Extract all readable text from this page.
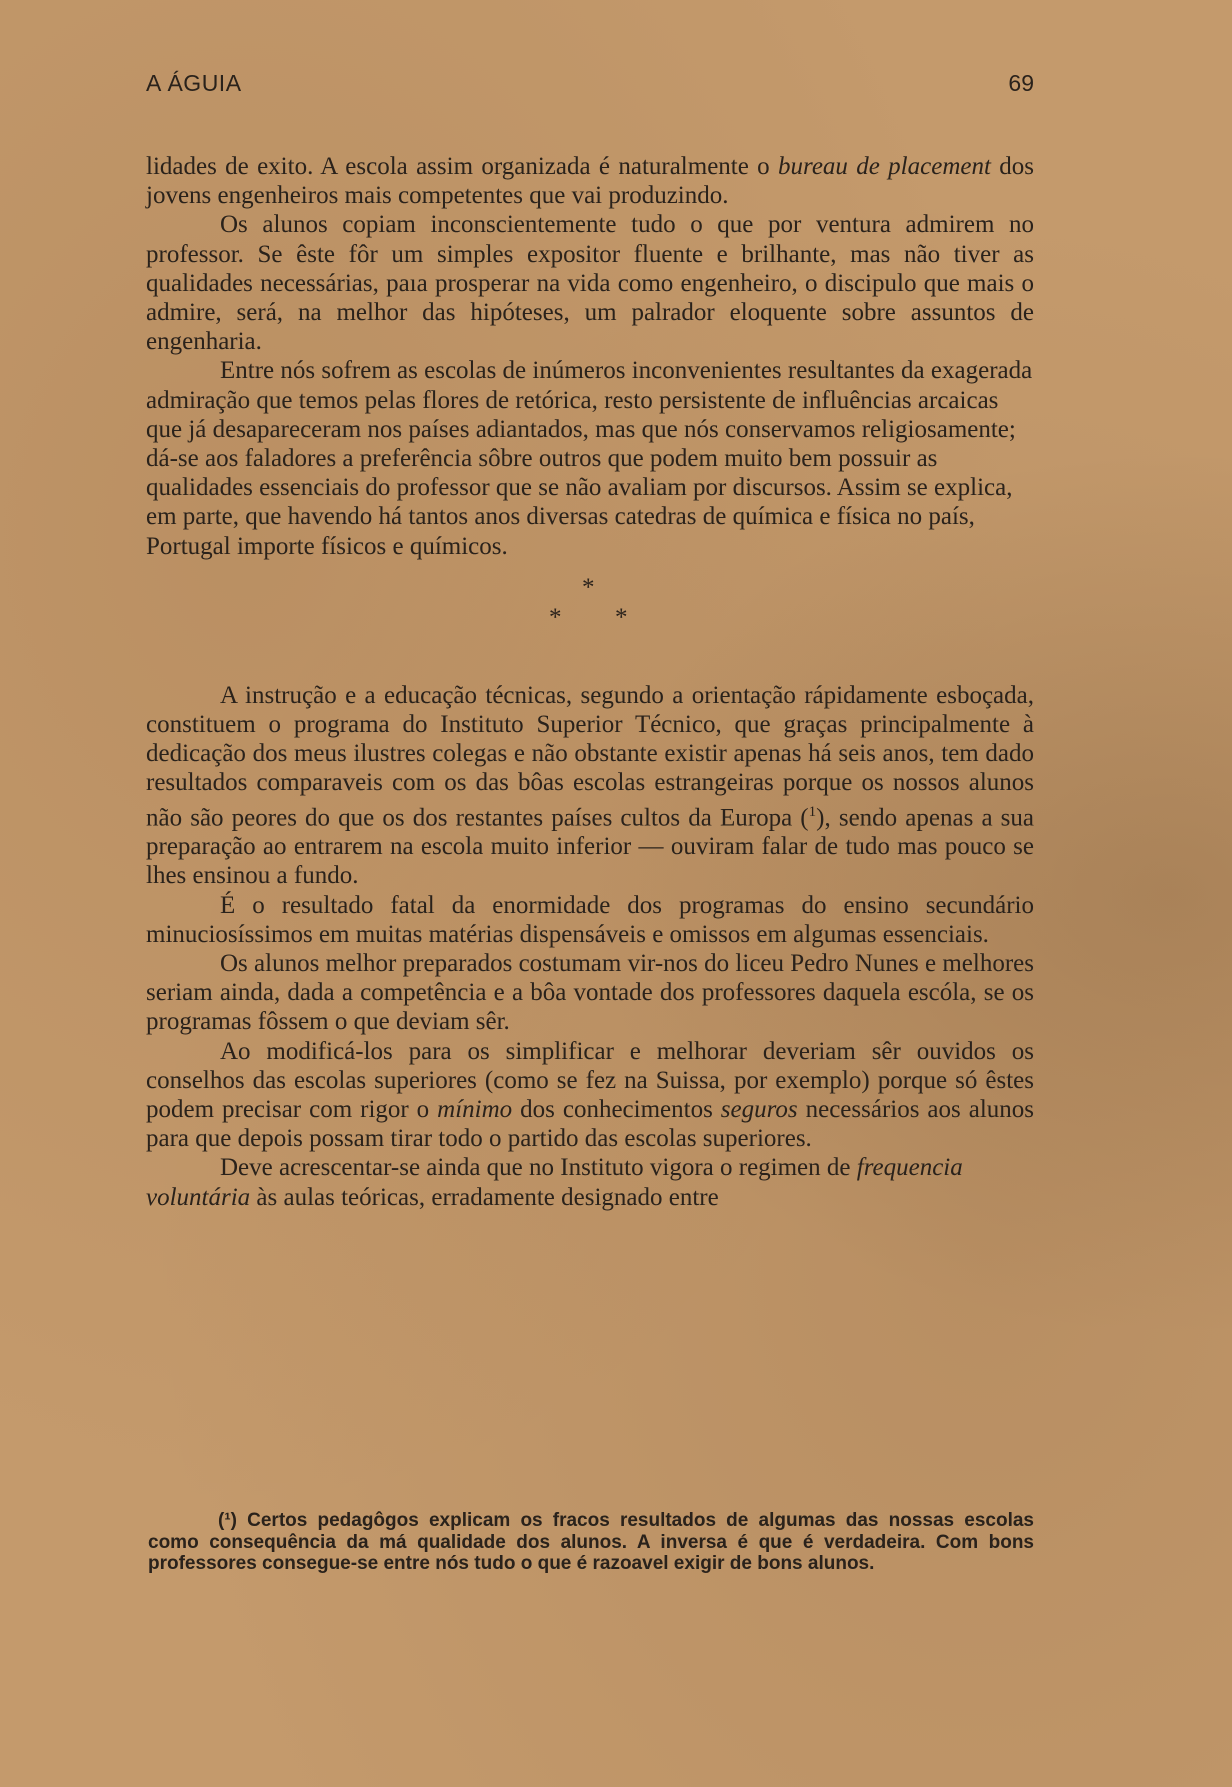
A ÁGUIA	69

lidades de exito. A escola assim organizada é naturalmente o bureau de placement dos jovens engenheiros mais competentes que vai produzindo.

Os alunos copiam inconscientemente tudo o que por ventura admirem no professor. Se êste fôr um simples expositor fluente e brilhante, mas não tiver as qualidades necessárias, paıa prosperar na vida como engenheiro, o discipulo que mais o admire, será, na melhor das hipóteses, um palrador eloquente sobre assuntos de engenharia.

Entre nós sofrem as escolas de inúmeros inconvenientes resultantes da exagerada admiração que temos pelas flores de retórica, resto persistente de influências arcaicas que já desapareceram nos países adiantados, mas que nós conservamos religiosamente; dá-se aos faladores a preferência sôbre outros que podem muito bem possuir as qualidades essenciais do professor que se não avaliam por discursos. Assim se explica, em parte, que havendo há tantos anos diversas catedras de química e física no país, Portugal importe físicos e químicos.

*
* *

A instrução e a educação técnicas, segundo a orientação rápidamente esboçada, constituem o programa do Instituto Superior Técnico, que graças principalmente à dedicação dos meus ilustres colegas e não obstante existir apenas há seis anos, tem dado resultados comparaveis com os das bôas escolas estrangeiras porque os nossos alunos não são peores do que os dos restantes países cultos da Europa ($^1$), sendo apenas a sua preparação ao entrarem na escola muito inferior — ouviram falar de tudo mas pouco se lhes ensinou a fundo.

É o resultado fatal da enormidade dos programas do ensino secundário minuciosíssimos em muitas matérias dispensáveis e omissos em algumas essenciais.

Os alunos melhor preparados costumam vir-nos do liceu Pedro Nunes e melhores seriam ainda, dada a competência e a bôa vontade dos professores daquela escóla, se os programas fôssem o que deviam sêr.

Ao modificá-los para os simplificar e melhorar deveriam sêr ouvidos os conselhos das escolas superiores (como se fez na Suissa, por exemplo) porque só êstes podem precisar com rigor o mínimo dos conhecimentos seguros necessários aos alunos para que depois possam tirar todo o partido das escolas superiores.

Deve acrescentar-se ainda que no Instituto vigora o regimen de frequencia voluntária às aulas teóricas, erradamente designado entre

(¹) Certos pedagôgos explicam os fracos resultados de algumas das nossas escolas como consequência da má qualidade dos alunos. A inversa é que é verdadeira. Com bons professores consegue-se entre nós tudo o que é razoavel exigir de bons alunos.
